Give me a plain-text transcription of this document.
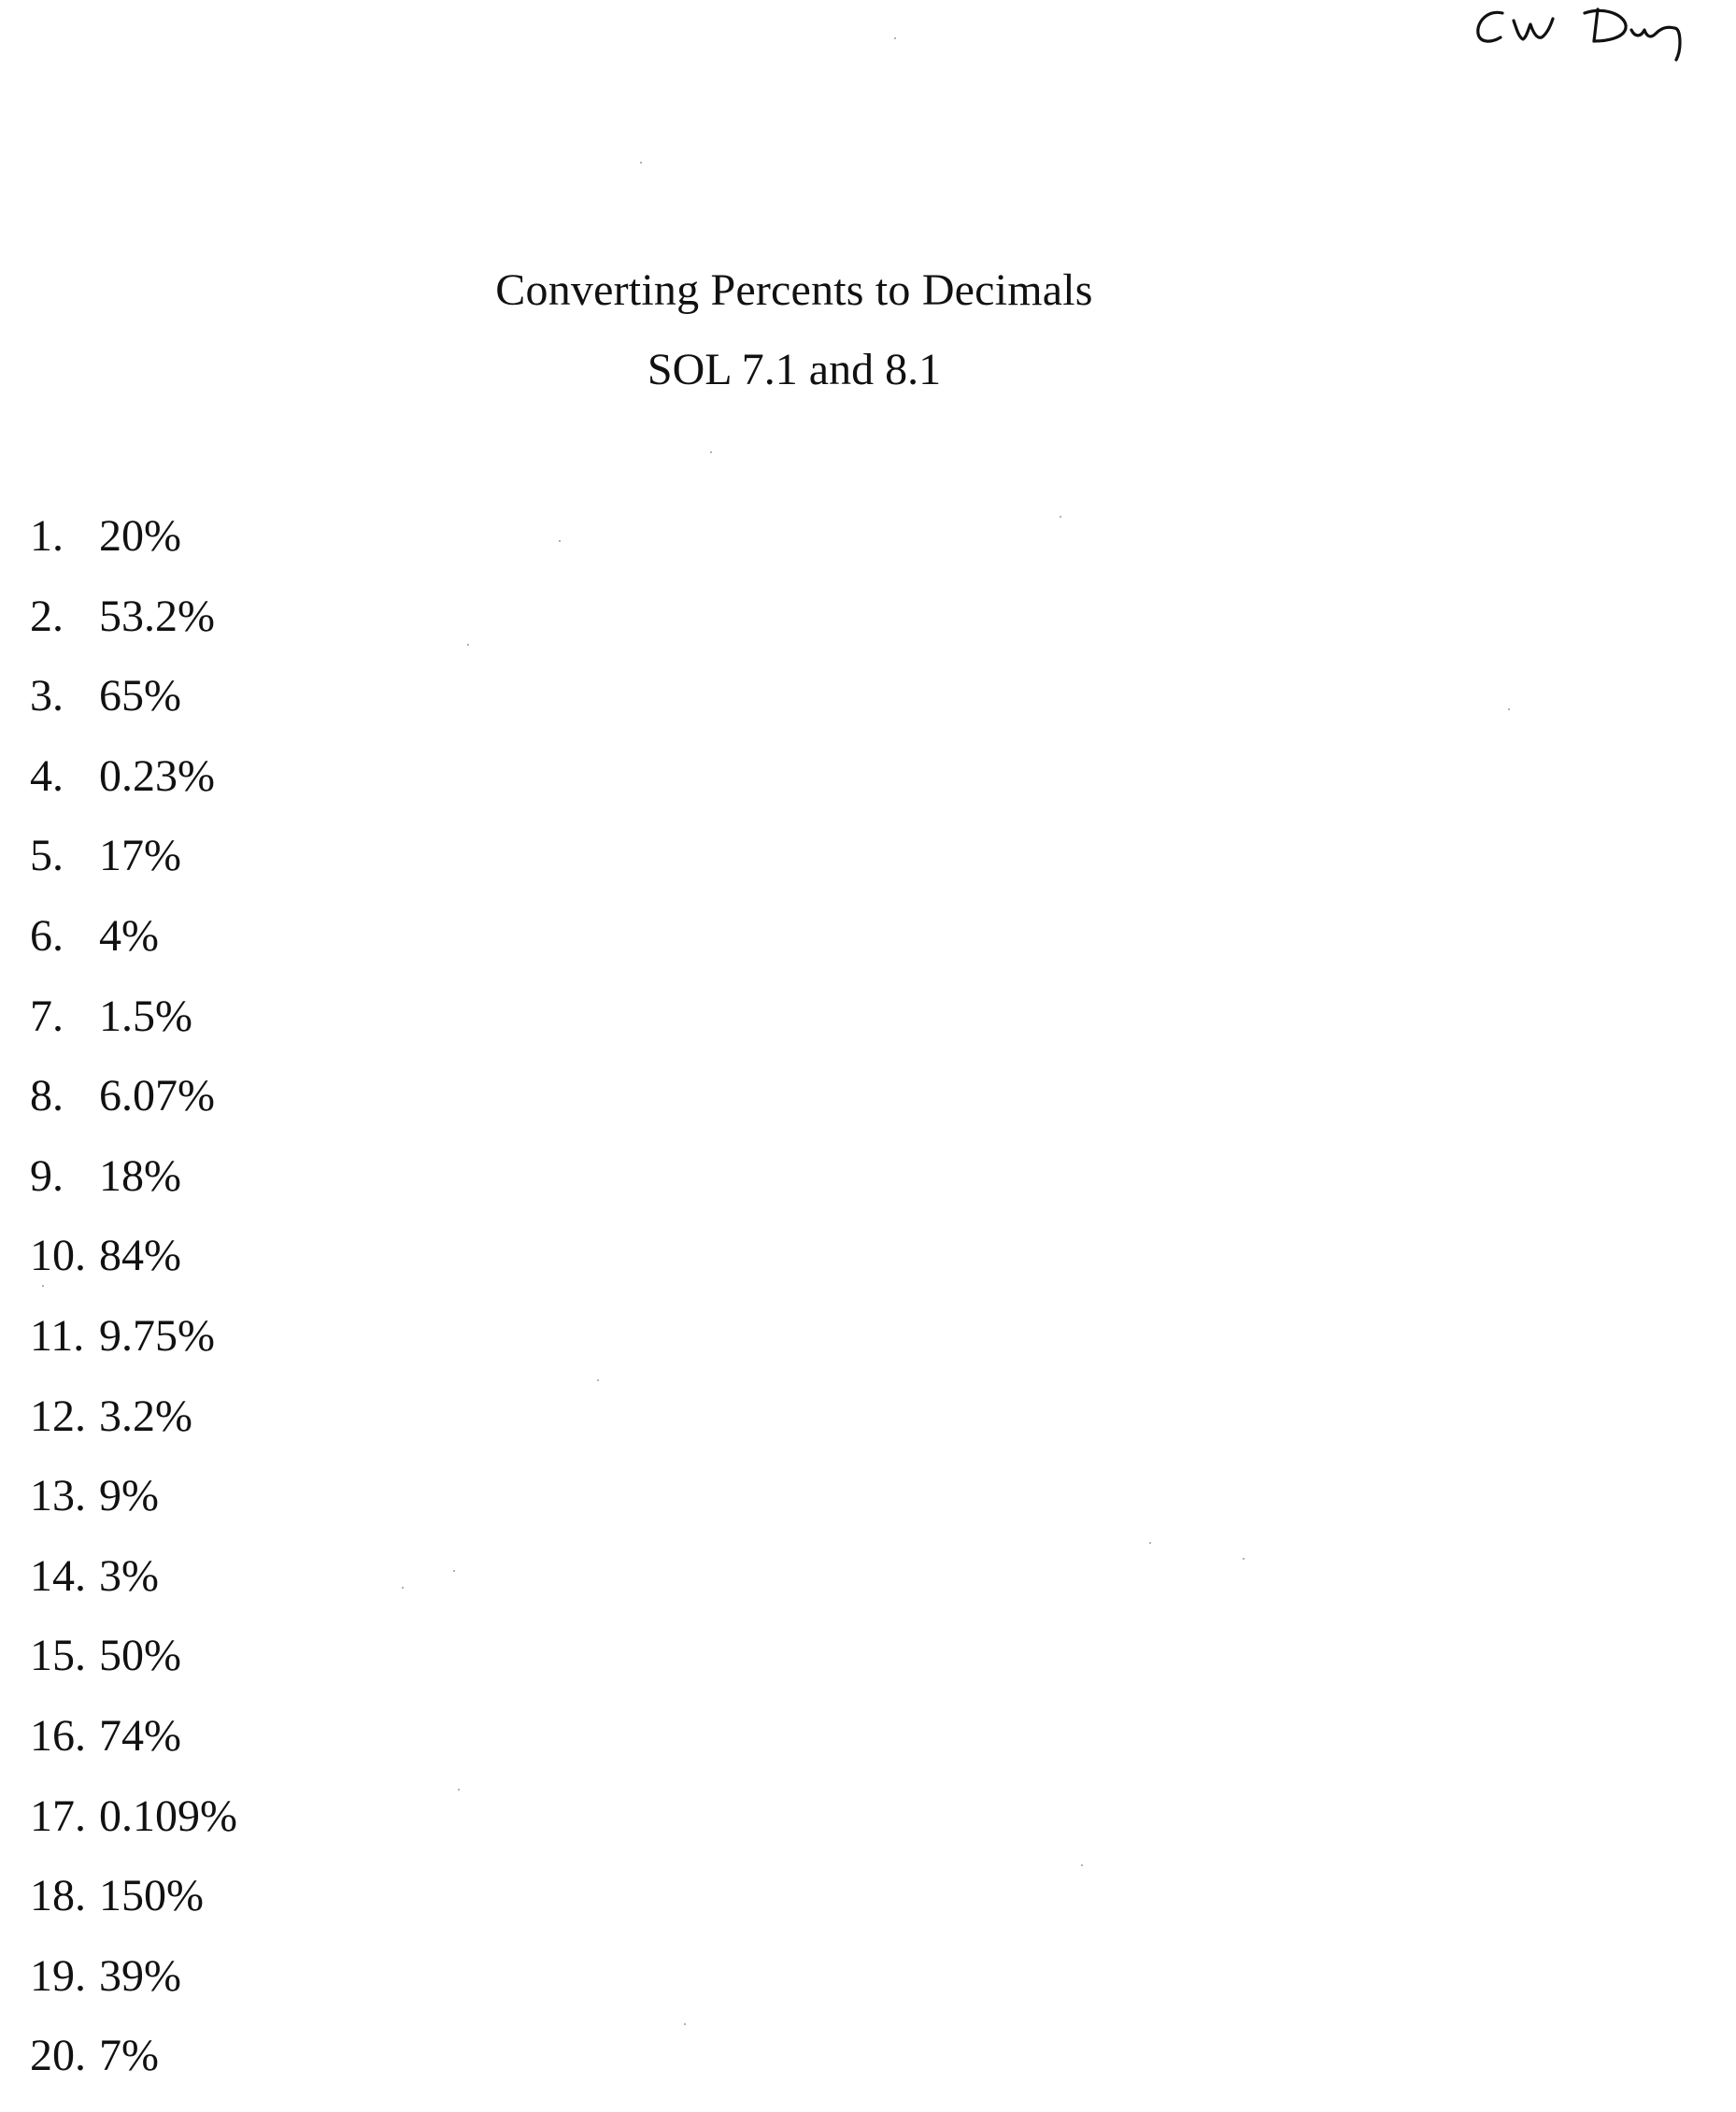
Converting Percents to Decimals
SOL 7.1 and 8.1
1. 20%
2. 53.2%
3. 65%
4. 0.23%
5. 17%
6. 4%
7. 1.5%
8. 6.07%
9. 18%
10. 84%
11. 9.75%
12. 3.2%
13. 9%
14. 3%
15. 50%
16. 74%
17. 0.109%
18. 150%
19. 39%
20. 7%
